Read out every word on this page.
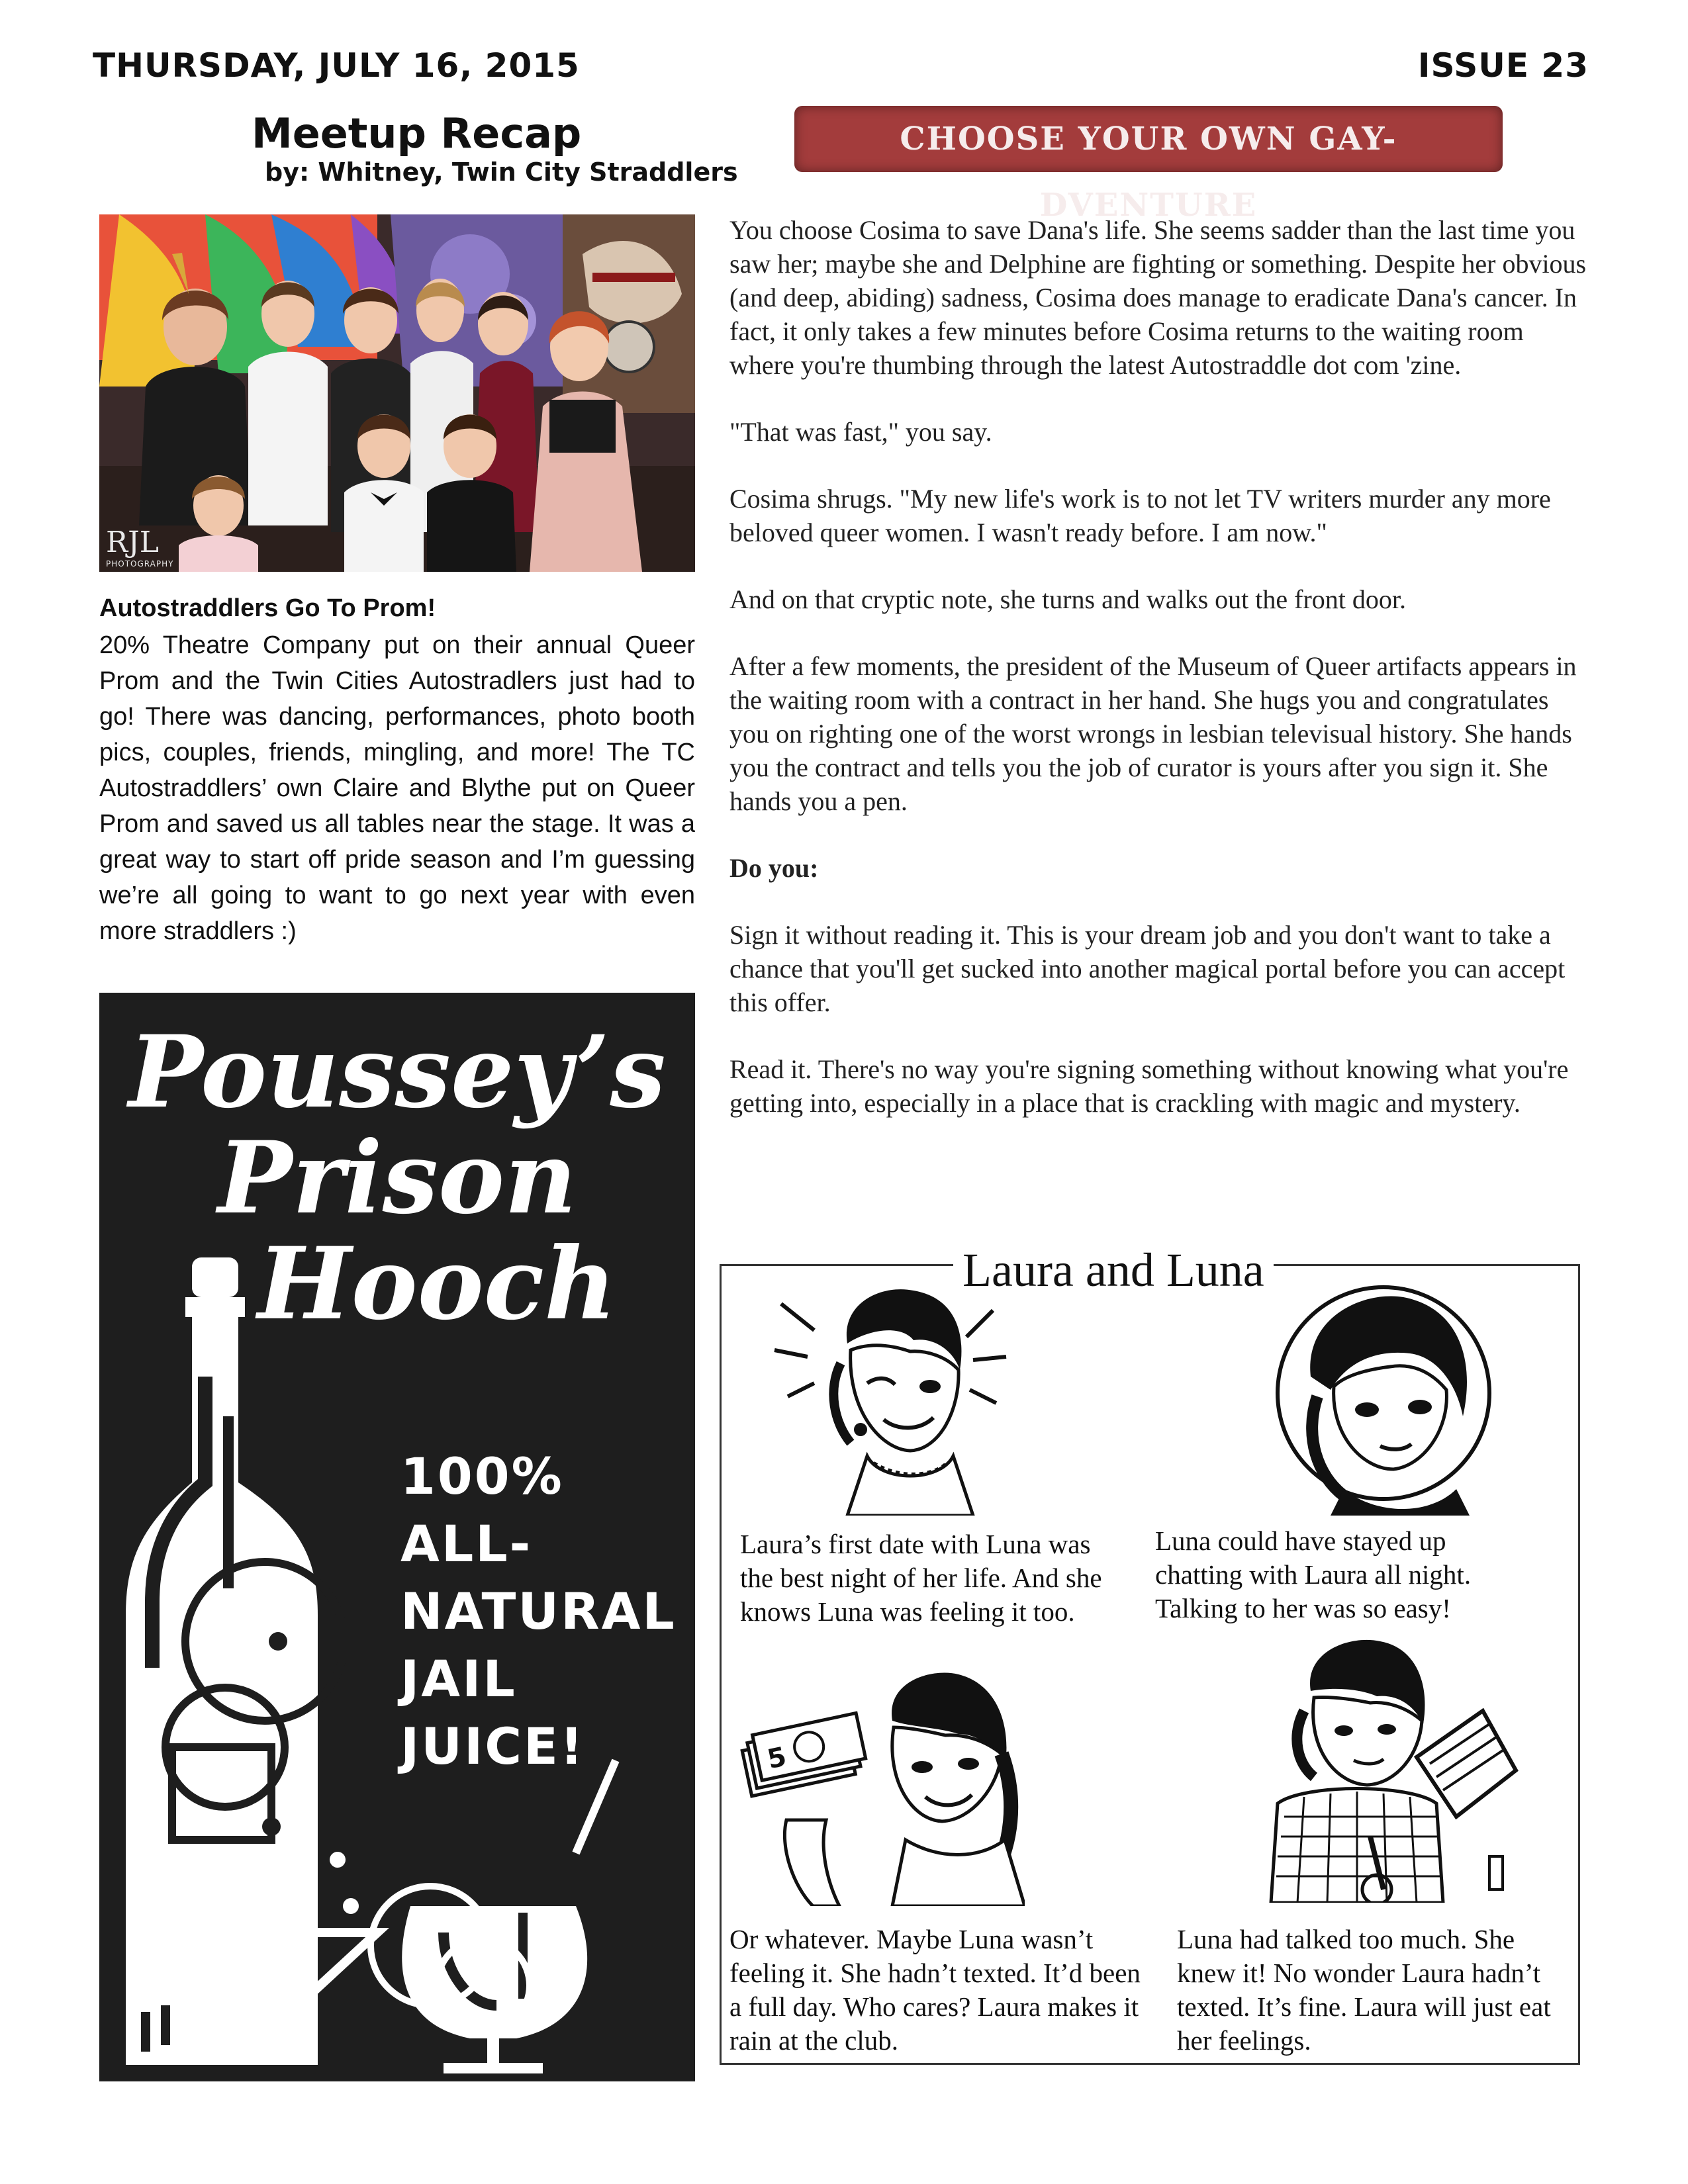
THURSDAY, JULY 16, 2015	ISSUE 23
Meetup Recap
by: Whitney, Twin City Straddlers
RJL
PHOTOGRAPHY
Autostraddlers Go To Prom!
20% Theatre Company put on their annual Queer Prom and the Twin Cities Autostradlers just had to go! There was dancing, performances, photo booth pics, couples, friends, mingling, and more! The TC Autostraddlers’ own Claire and Blythe put on Queer Prom and saved us all tables near the stage. It was a great way to start off pride season and I’m guessing we’re all going to want to go next year with even more straddlers :)
Poussey’s
Prison
Hooch
100% ALL-
NATURAL
JAIL JUICE!
CHOOSE YOUR OWN GAY-DVENTURE

You choose Cosima to save Dana's life. She seems sadder than the last time you saw her; maybe she and Delphine are fighting or something. Despite her obvious (and deep, abiding) sadness, Cosima does manage to eradicate Dana's cancer. In fact, it only takes a few minutes before Cosima returns to the waiting room where you're thumbing through the latest Autostraddle dot com 'zine.

"That was fast," you say.

Cosima shrugs. "My new life's work is to not let TV writers murder any more beloved queer women. I wasn't ready before. I am now."

And on that cryptic note, she turns and walks out the front door.

After a few moments, the president of the Museum of Queer artifacts appears in the waiting room with a contract in her hand. She hugs you and congratulates you on righting one of the worst wrongs in lesbian televisual history. She hands you the contract and tells you the job of curator is yours after you sign it. She hands you a pen.

Do you:

Sign it without reading it. This is your dream job and you don't want to take a chance that you'll get sucked into another magical portal before you can accept this offer.

Read it. There's no way you're signing something without knowing what you're getting into, especially in a place that is crackling with magic and mystery.

Laura and Luna
Laura’s first date with Luna was the best night of her life. And she knows Luna was feeling it too.
Luna could have stayed up chatting with Laura all night. Talking to her was so easy!
5
Or whatever. Maybe Luna wasn’t feeling it. She hadn’t texted. It’d been a full day. Who cares? Laura makes it rain at the club.
Luna had talked too much. She knew it! No wonder Laura hadn’t texted. It’s fine. Laura will just eat her feelings.
